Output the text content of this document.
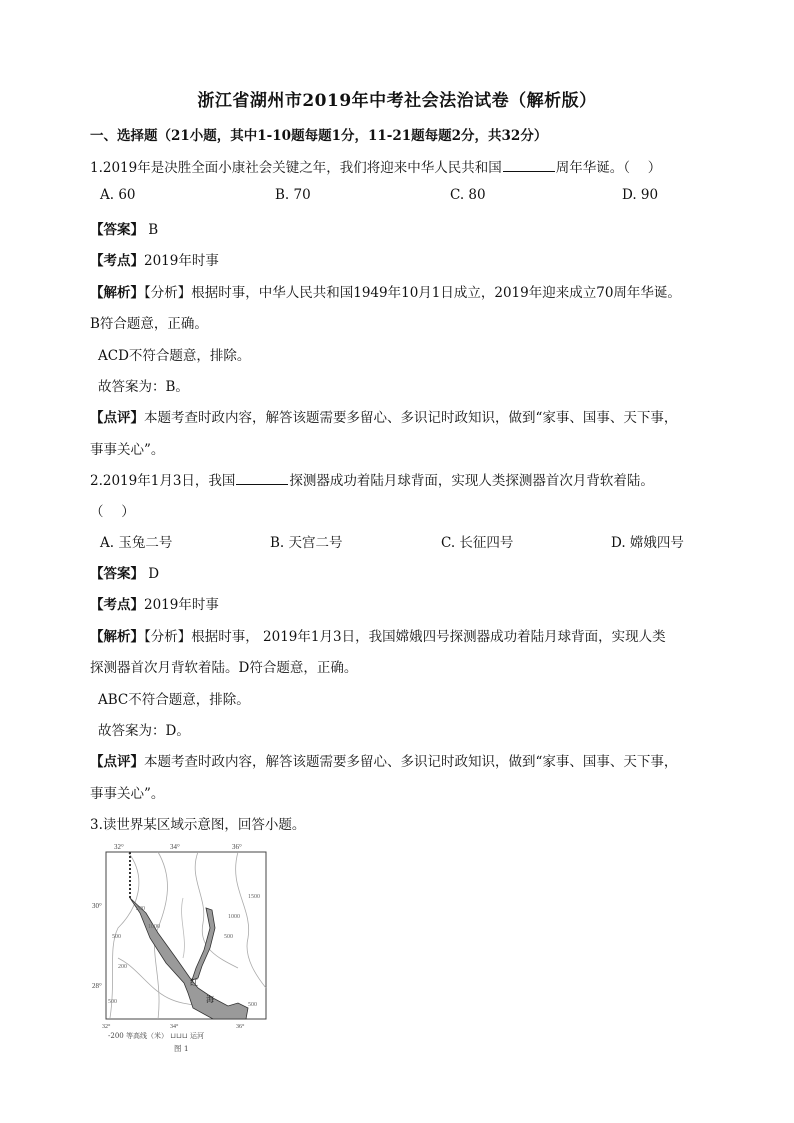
浙江省湖州市2019年中考社会法治试卷（解析版）
一、选择题（21小题，其中1-10题每题1分，11-21题每题2分，共32分）
1.2019年是决胜全面小康社会关键之年，我们将迎来中华人民共和国	周年华诞。（　 ）
A. 60	B. 70	C. 80	D. 90
【答案】 B
【考点】2019年时事
【解析】【分析】根据时事，中华人民共和国1949年10月1日成立，2019年迎来成立70周年华诞。
B符合题意，正确。
ACD不符合题意，排除。
故答案为：B。
【点评】本题考查时政内容，解答该题需要多留心、多识记时政知识，做到“家事、国事、天下事，
事事关心”。
2.2019年1月3日，我国	探测器成功着陆月球背面，实现人类探测器首次月背软着陆。
（　 ）
A. 玉兔二号	B. 天宫二号	C. 长征四号	D. 嫦娥四号
【答案】 D
【考点】2019年时事
【解析】【分析】根据时事， 2019年1月3日，我国嫦娥四号探测器成功着陆月球背面，实现人类
探测器首次月背软着陆。D符合题意，正确。
ABC不符合题意，排除。
故答案为：D。
【点评】本题考查时政内容，解答该题需要多留心、多识记时政知识，做到“家事、国事、天下事，
事事关心”。
3.读世界某区域示意图，回答小题。
32°	34°	36°
30°
28°
200
500
1000
1000
500
1500
200
500	500
红
海
32°	34°	36°
-200 等高线（米） ⊔⊔⊔ 运河
图 1
